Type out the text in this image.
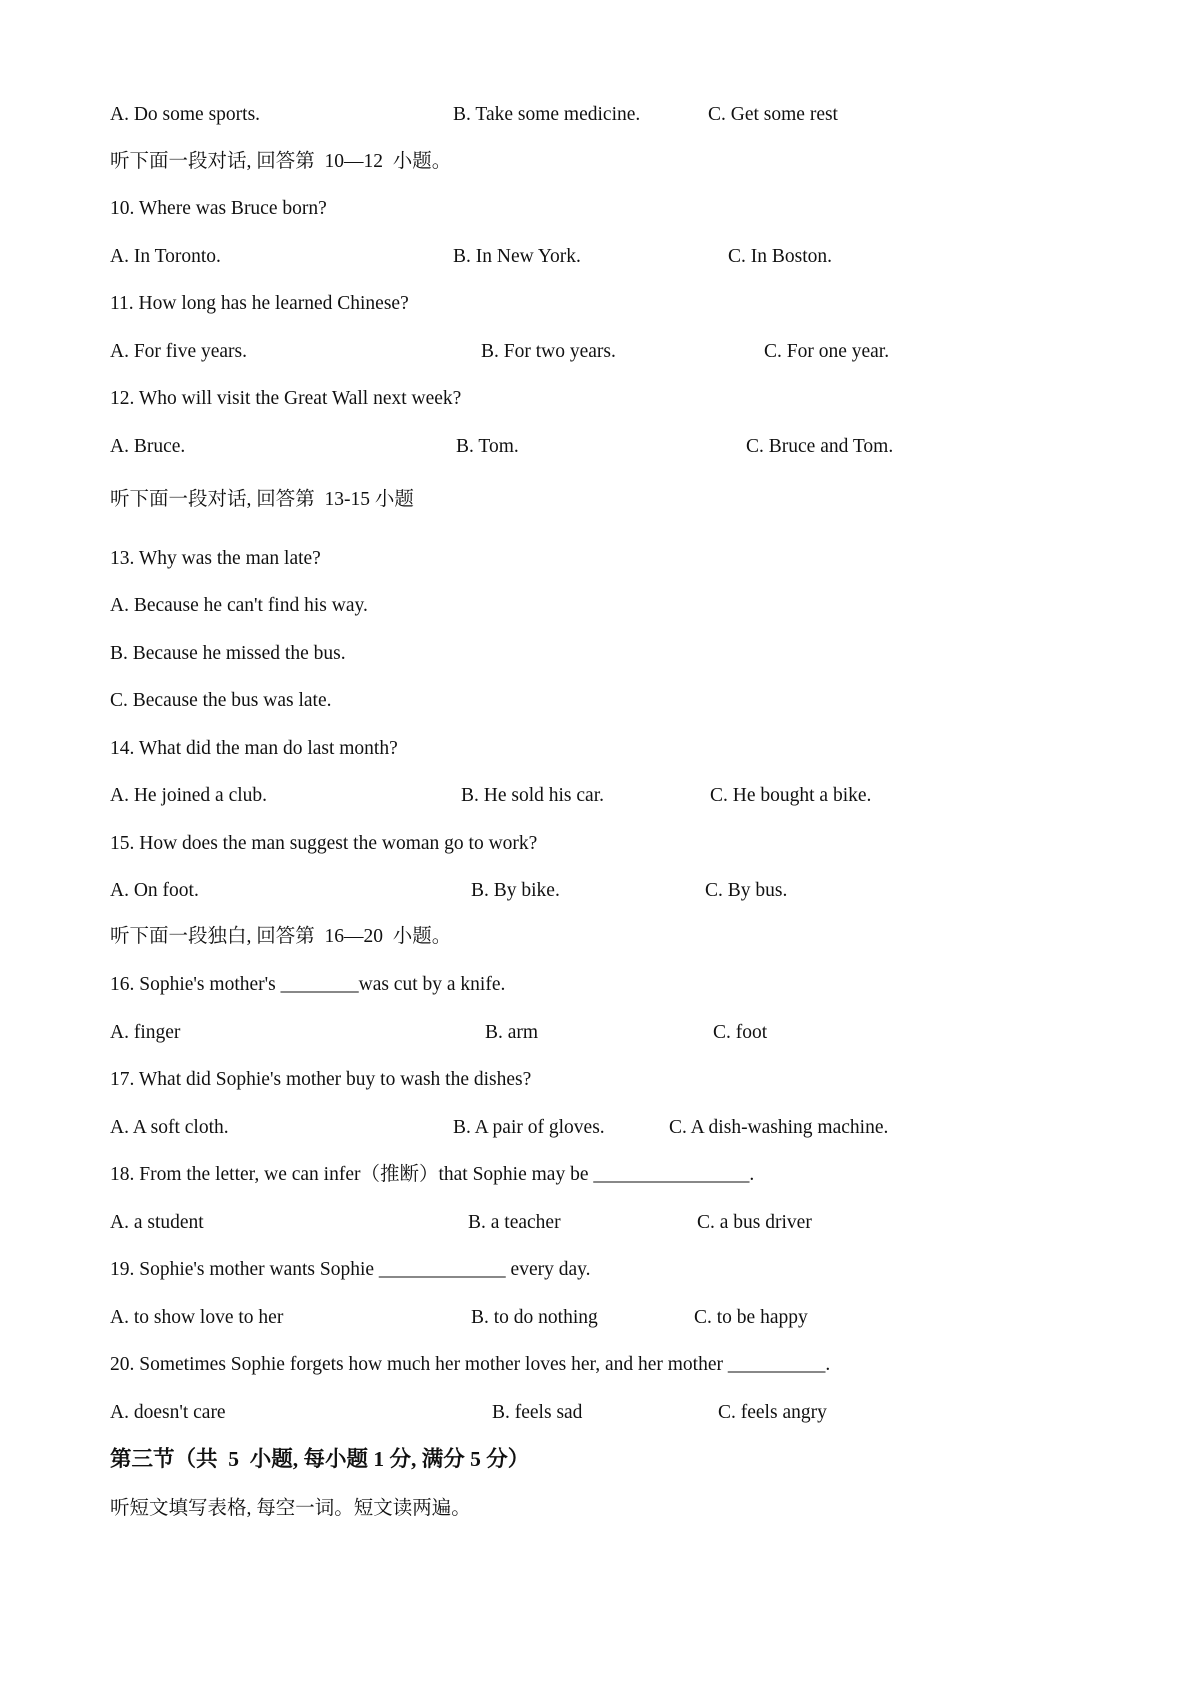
A. Do some sports.	B. Take some medicine.	C. Get some rest
听下面一段对话, 回答第  10—12  小题。
10. Where was Bruce born?
A. In Toronto.	B. In New York.	C. In Boston.
11. How long has he learned Chinese?
A. For five years.	B. For two years.	C. For one year.
12. Who will visit the Great Wall next week?
A. Bruce.	B. Tom.	C. Bruce and Tom.
听下面一段对话, 回答第  13-15 小题
13. Why was the man late?
A. Because he can't find his way.
B. Because he missed the bus.
C. Because the bus was late.
14. What did the man do last month?
A. He joined a club.	B. He sold his car.	C. He bought a bike.
15. How does the man suggest the woman go to work?
A. On foot.	B. By bike.	C. By bus.
听下面一段独白, 回答第  16—20  小题。
16. Sophie's mother's ________was cut by a knife.
A. finger	B. arm	C. foot
17. What did Sophie's mother buy to wash the dishes?
A. A soft cloth.	B. A pair of gloves.	C. A dish-washing machine.
18. From the letter, we can infer（推断）that Sophie may be ________________.
A. a student	B. a teacher	C. a bus driver
19. Sophie's mother wants Sophie _____________ every day.
A. to show love to her	B. to do nothing	C. to be happy
20. Sometimes Sophie forgets how much her mother loves her, and her mother __________.
A. doesn't care	B. feels sad	C. feels angry
第三节（共  5  小题, 每小题 1 分, 满分 5 分）
听短文填写表格, 每空一词。短文读两遍。
